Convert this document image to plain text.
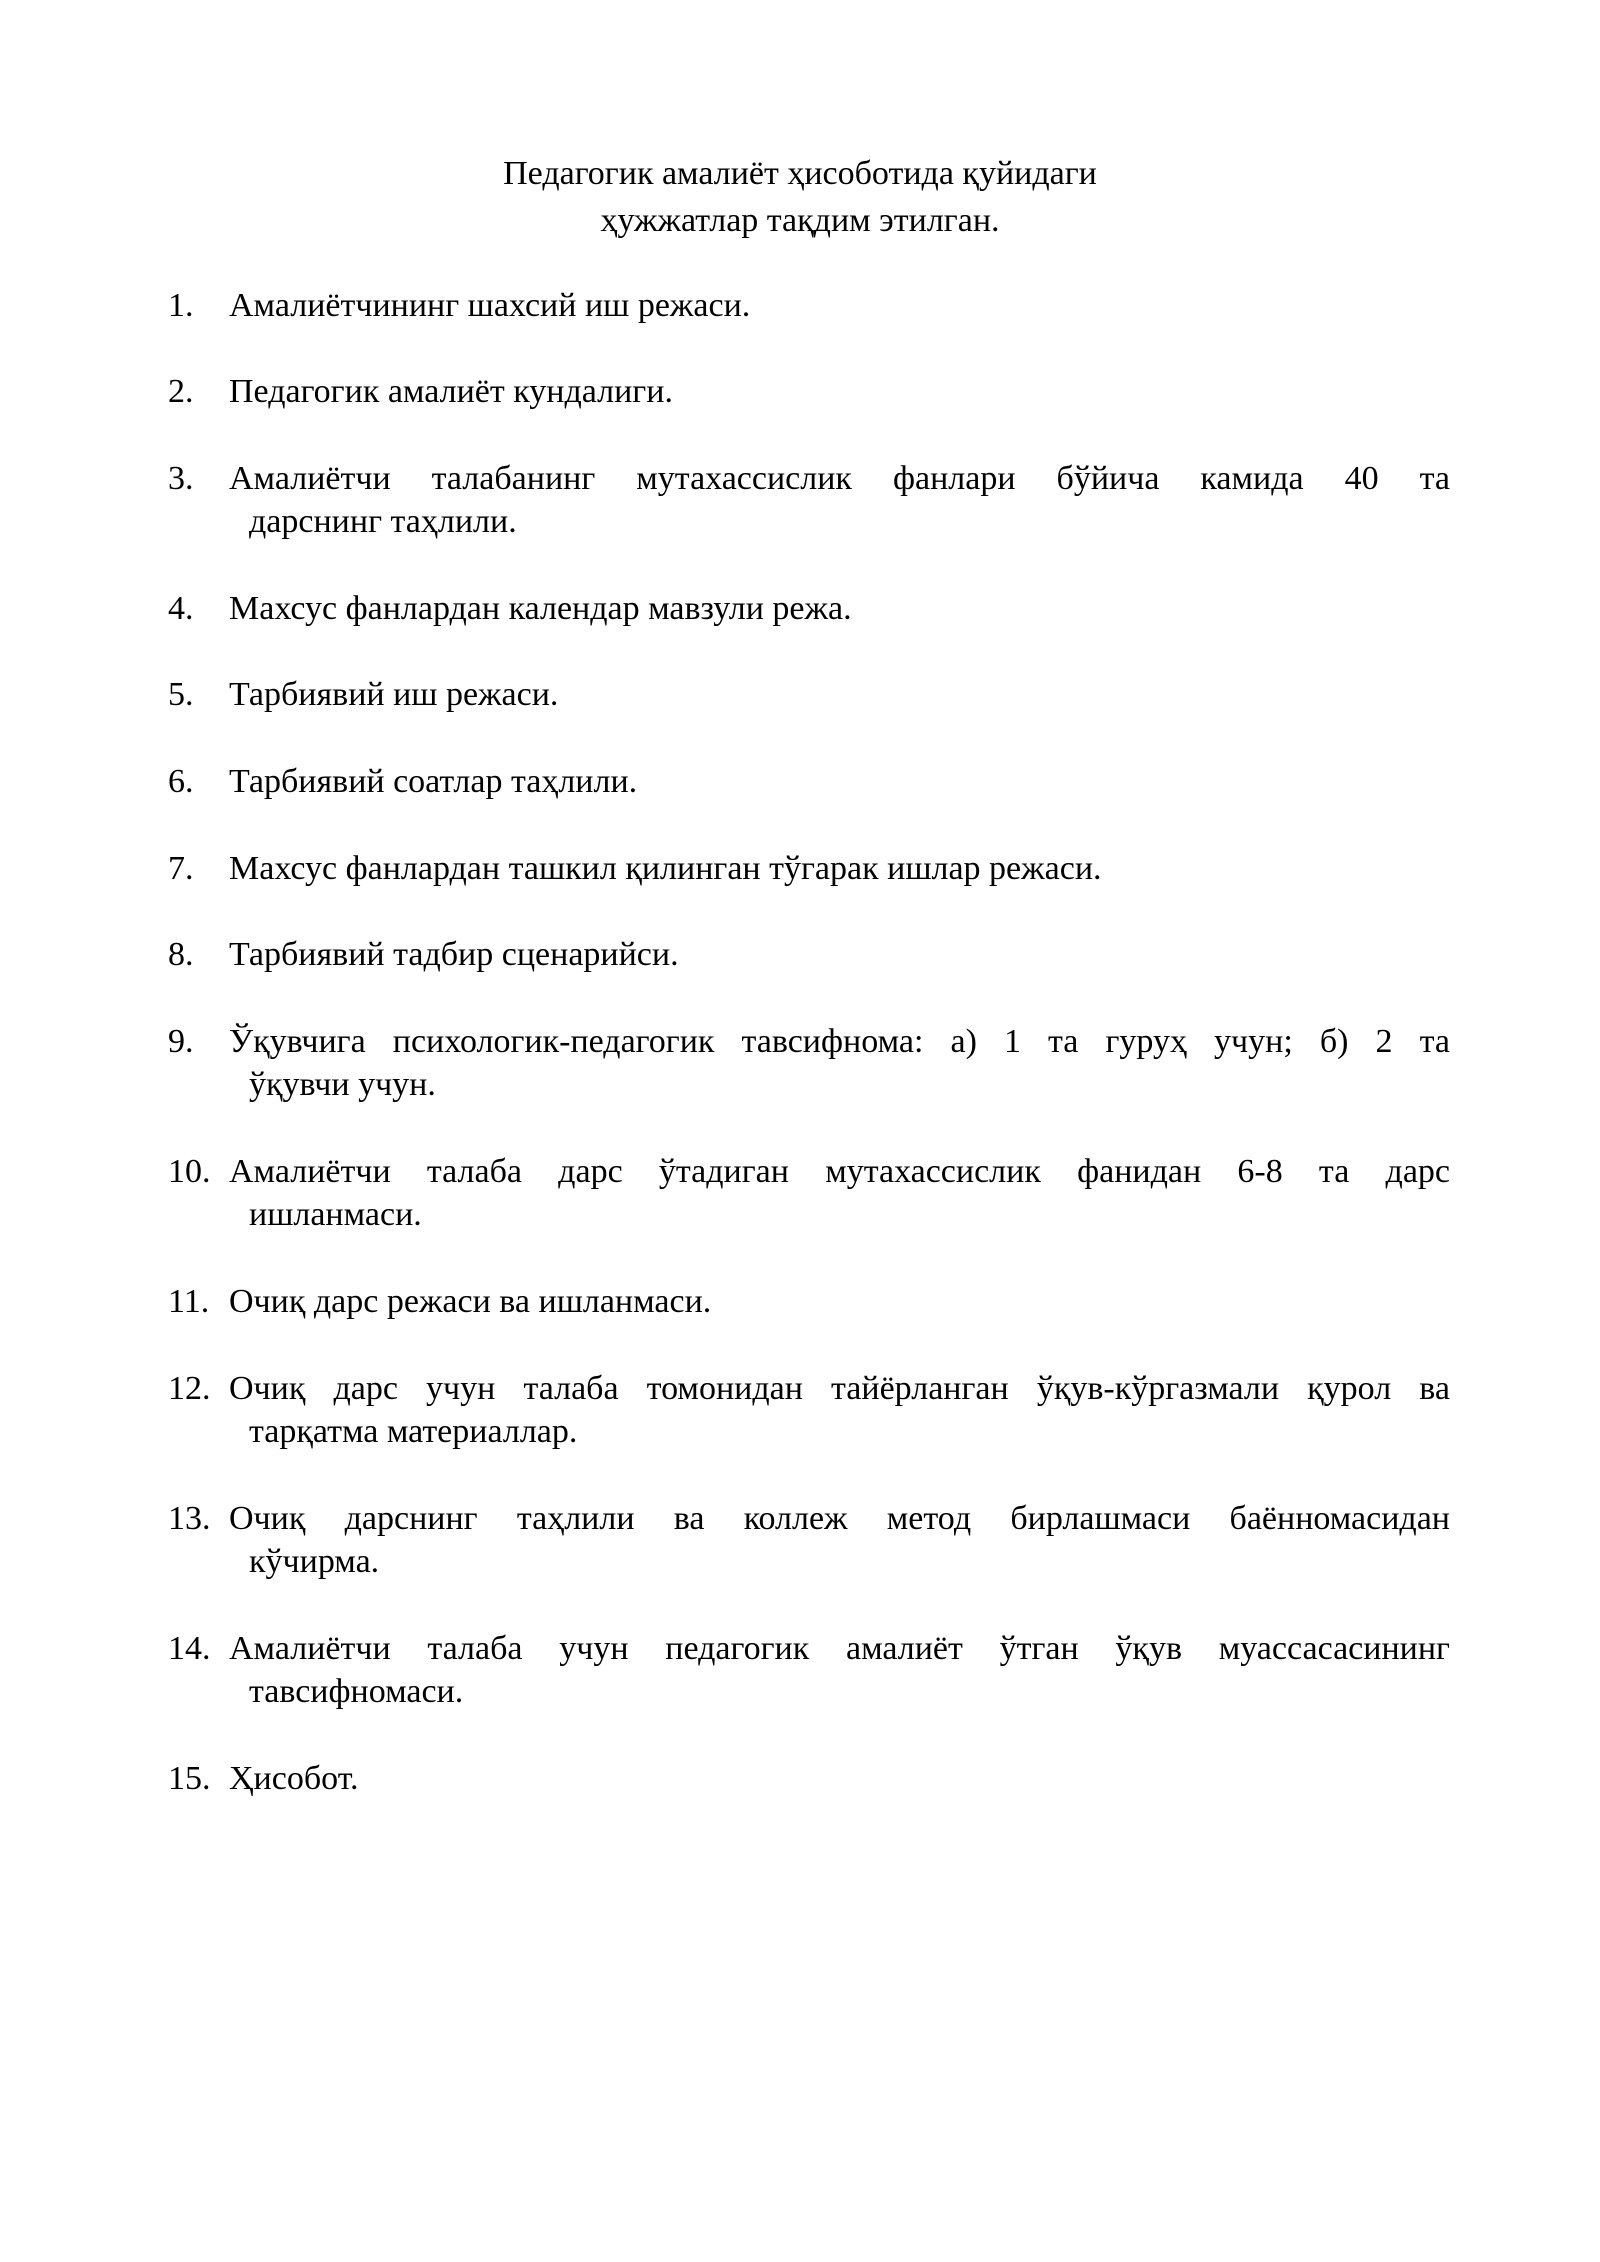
Педагогик амалиёт ҳисоботида қуйидаги
ҳужжатлар тақдим этилган.
1. Амалиётчининг шахсий иш режаси.
2. Педагогик амалиёт кундалиги.
3. Амалиётчи талабанинг мутахассислик фанлари бўйича камида 40 та
дарснинг таҳлили.
4. Махсус фанлардан календар мавзули режа.
5. Тарбиявий иш режаси.
6. Тарбиявий соатлар таҳлили.
7. Махсус фанлардан ташкил қилинган тўгарак ишлар режаси.
8. Тарбиявий тадбир сценарийси.
9. Ўқувчига психологик-педагогик тавсифнома: а) 1 та гуруҳ учун; б) 2 та
ўқувчи учун.
10. Амалиётчи талаба дарс ўтадиган мутахассислик фанидан 6-8 та дарс
ишланмаси.
11. Очиқ дарс режаси ва ишланмаси.
12. Очиқ дарс учун талаба томонидан тайёрланган ўқув-кўргазмали қурол ва
тарқатма материаллар.
13. Очиқ дарснинг таҳлили ва коллеж метод бирлашмаси баённомасидан
кўчирма.
14. Амалиётчи талаба учун педагогик амалиёт ўтган ўқув муассасасининг
тавсифномаси.
15. Ҳисобот.
